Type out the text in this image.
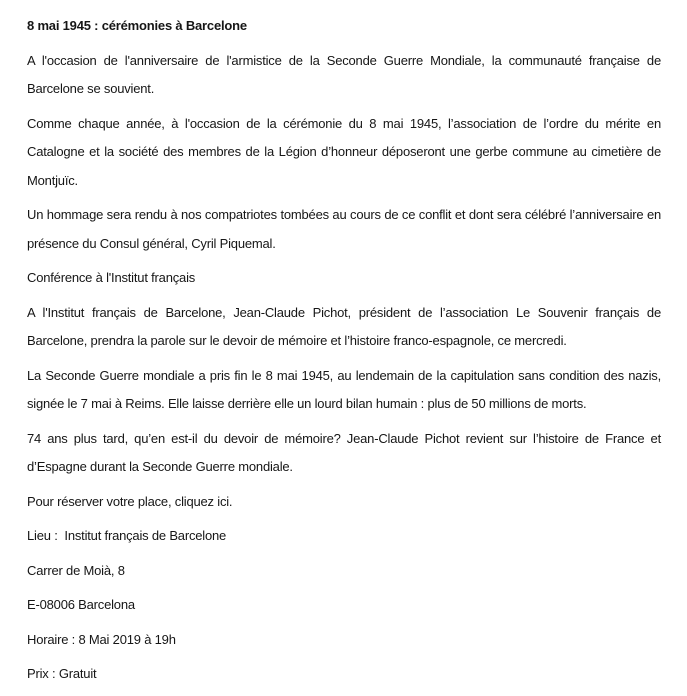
8 mai 1945 : cérémonies à Barcelone

A l'occasion de l'anniversaire de l'armistice de la Seconde Guerre Mondiale, la communauté française de Barcelone se souvient.

Comme chaque année, à l'occasion de la cérémonie du 8 mai 1945, l’association de l’ordre du mérite en Catalogne et la société des membres de la Légion d’honneur déposeront une gerbe commune au cimetière de Montjuïc.

Un hommage sera rendu à nos compatriotes tombées au cours de ce conflit et dont sera célébré l’anniversaire en présence du Consul général, Cyril Piquemal.

Conférence à l'Institut français

A l'Institut français de Barcelone, Jean-Claude Pichot, président de l’association Le Souvenir français de Barcelone, prendra la parole sur le devoir de mémoire et l’histoire franco-espagnole, ce mercredi.

La Seconde Guerre mondiale a pris fin le 8 mai 1945, au lendemain de la capitulation sans condition des nazis, signée le 7 mai à Reims. Elle laisse derrière elle un lourd bilan humain : plus de 50 millions de morts.

74 ans plus tard, qu’en est-il du devoir de mémoire? Jean-Claude Pichot revient sur l’histoire de France et d’Espagne durant la Seconde Guerre mondiale.

Pour réserver votre place, cliquez ici.

Lieu :  Institut français de Barcelone

Carrer de Moià, 8

E-08006 Barcelona

Horaire : 8 Mai 2019 à 19h

Prix : Gratuit
